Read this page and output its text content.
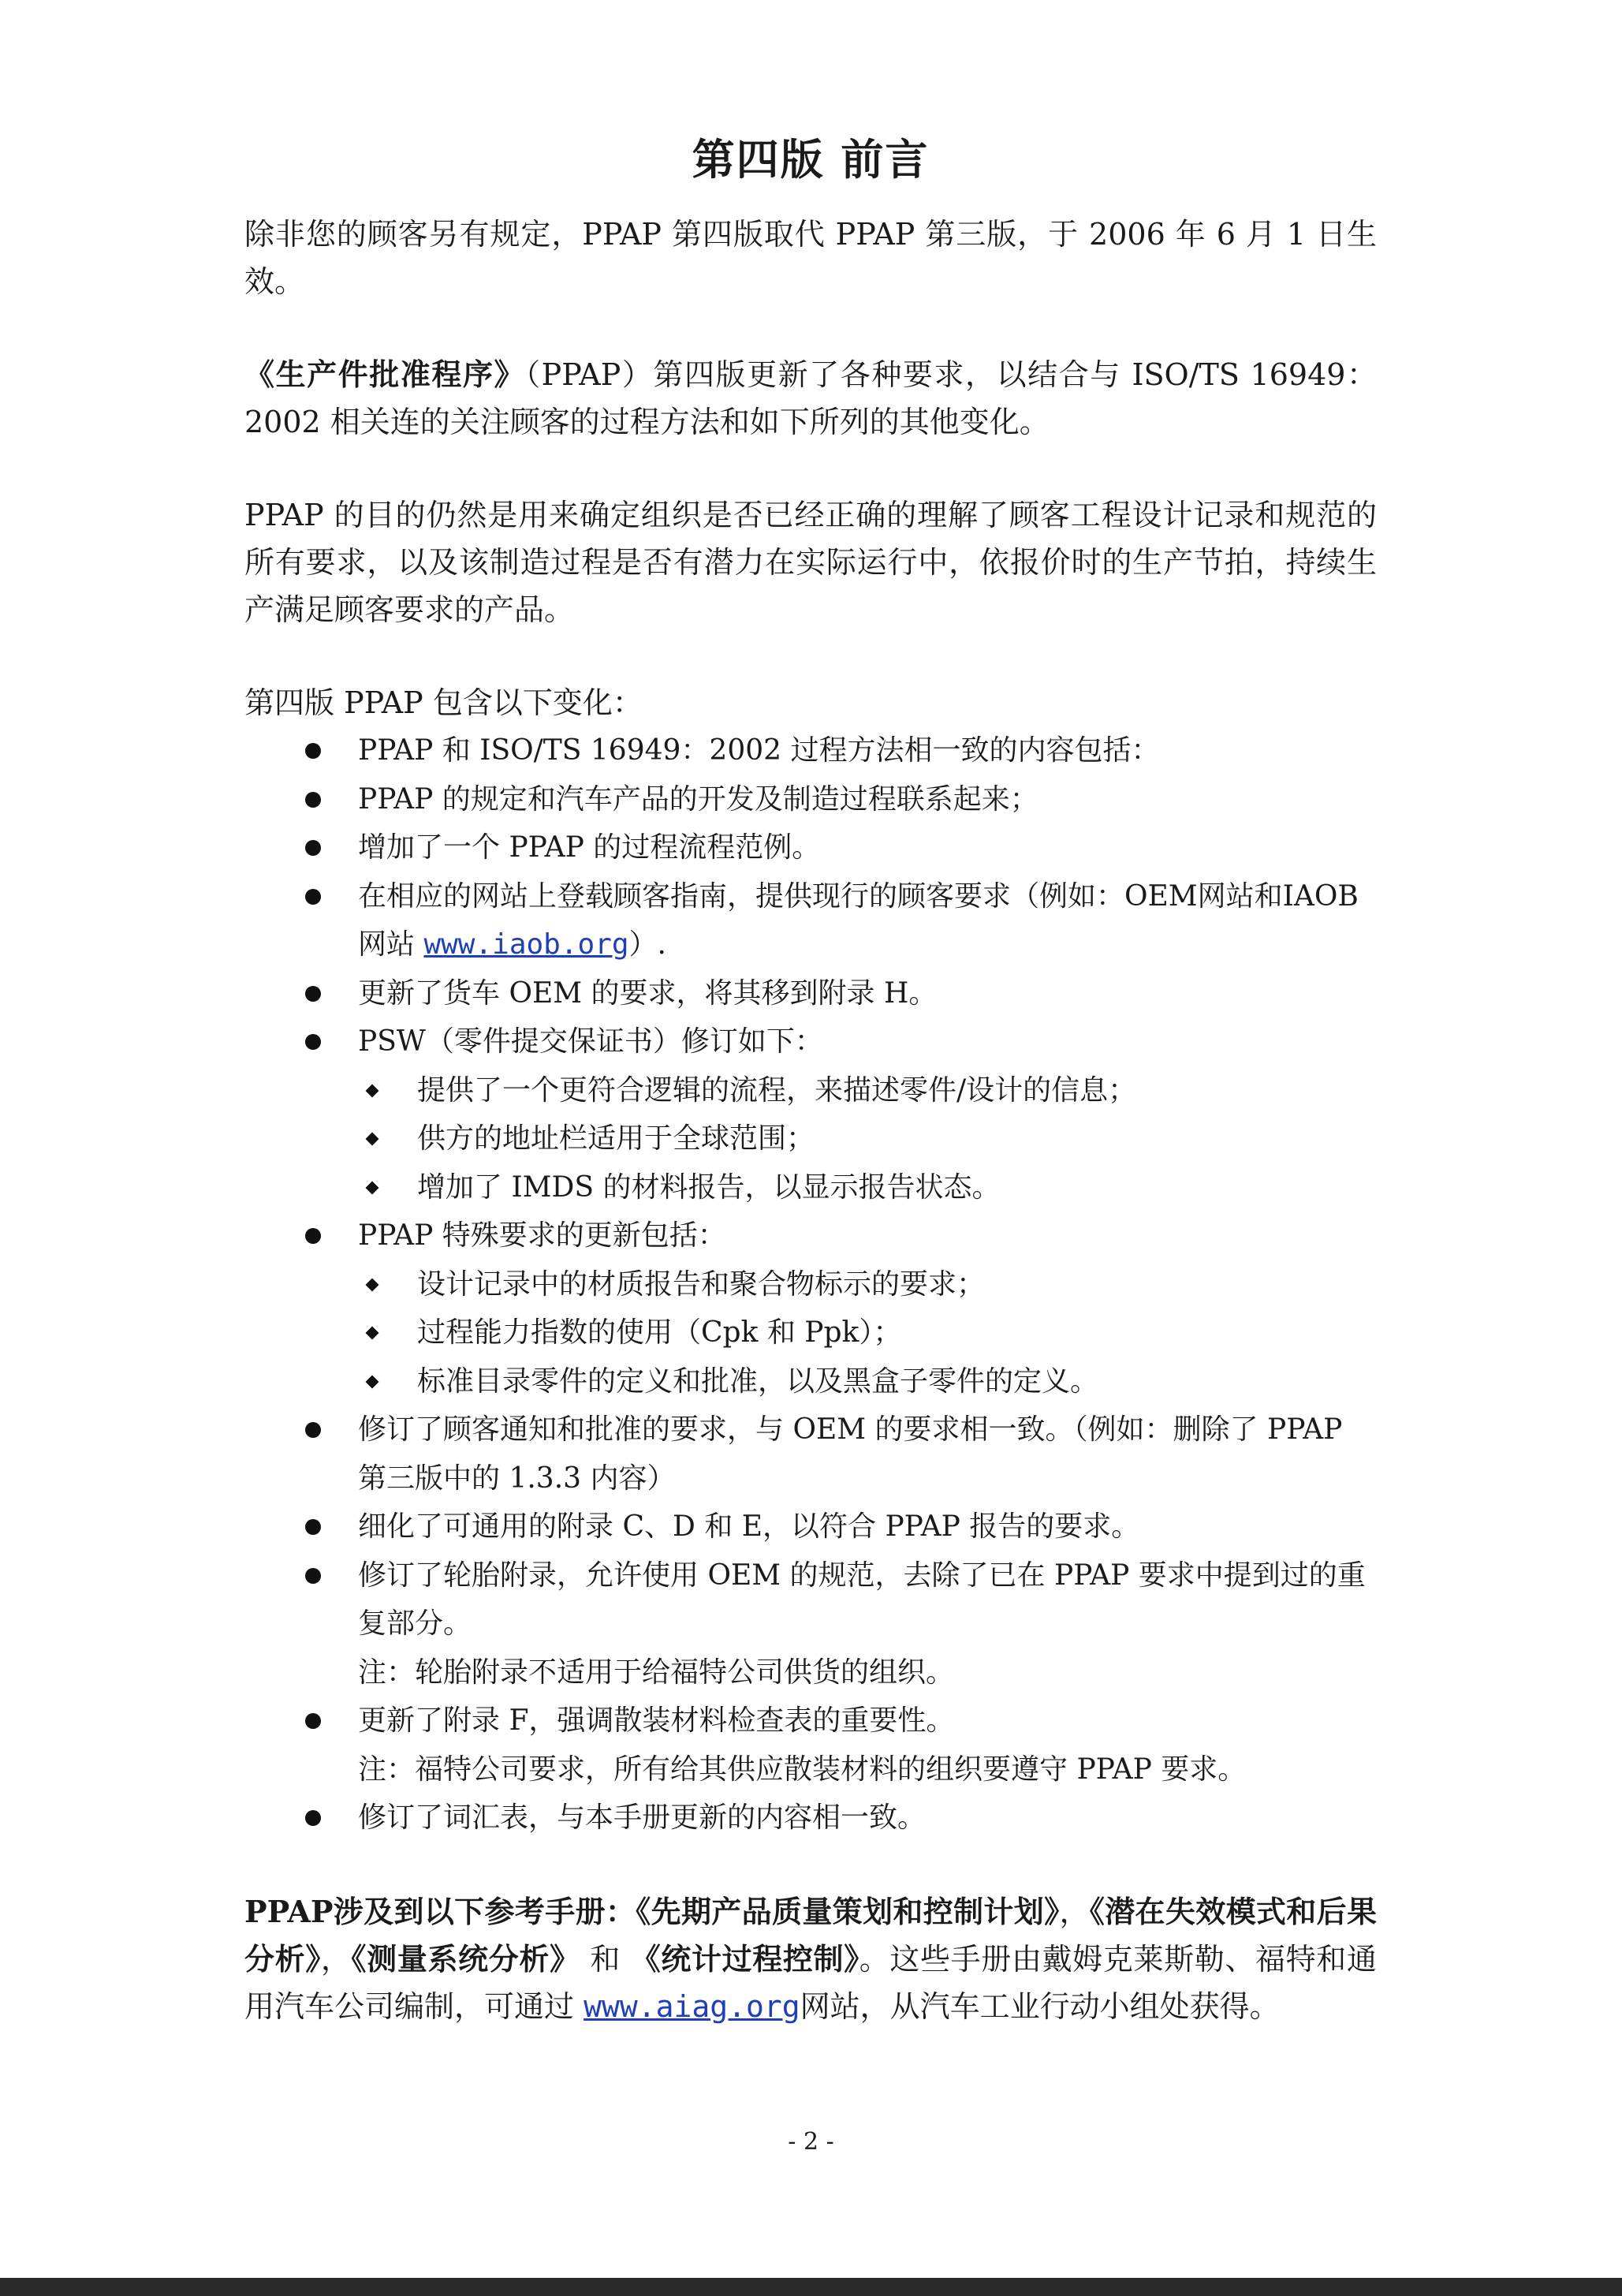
第四版 前言

除非您的顾客另有规定，PPAP 第四版取代 PPAP 第三版，于 2006 年 6 月 1 日生效。

《生产件批准程序》（PPAP）第四版更新了各种要求，以结合与 ISO/TS 16949：2002 相关连的关注顾客的过程方法和如下所列的其他变化。

PPAP 的目的仍然是用来确定组织是否已经正确的理解了顾客工程设计记录和规范的所有要求，以及该制造过程是否有潜力在实际运行中，依报价时的生产节拍，持续生产满足顾客要求的产品。

第四版 PPAP 包含以下变化：

PPAP 和 ISO/TS 16949：2002 过程方法相一致的内容包括：
PPAP 的规定和汽车产品的开发及制造过程联系起来；
增加了一个 PPAP 的过程流程范例。
在相应的网站上登载顾客指南，提供现行的顾客要求（例如：OEM网站和IAOB网站 www.iaob.org）.
更新了货车 OEM 的要求，将其移到附录 H。
PSW（零件提交保证书）修订如下：
提供了一个更符合逻辑的流程，来描述零件/设计的信息；
供方的地址栏适用于全球范围；
增加了 IMDS 的材料报告，以显示报告状态。
PPAP 特殊要求的更新包括：
设计记录中的材质报告和聚合物标示的要求；
过程能力指数的使用（Cpk 和 Ppk）；
标准目录零件的定义和批准，以及黑盒子零件的定义。
修订了顾客通知和批准的要求，与 OEM 的要求相一致。（例如：删除了 PPAP 第三版中的 1.3.3 内容）
细化了可通用的附录 C、D 和 E，以符合 PPAP 报告的要求。
修订了轮胎附录，允许使用 OEM 的规范，去除了已在 PPAP 要求中提到过的重复部分。
注：轮胎附录不适用于给福特公司供货的组织。
更新了附录 F，强调散装材料检查表的重要性。
注：福特公司要求，所有给其供应散装材料的组织要遵守 PPAP 要求。
修订了词汇表，与本手册更新的内容相一致。

PPAP涉及到以下参考手册：《先期产品质量策划和控制计划》，《潜在失效模式和后果分析》，《测量系统分析》 和 《统计过程控制》。这些手册由戴姆克莱斯勒、福特和通用汽车公司编制，可通过 www.aiag.org网站，从汽车工业行动小组处获得。

- 2 -
